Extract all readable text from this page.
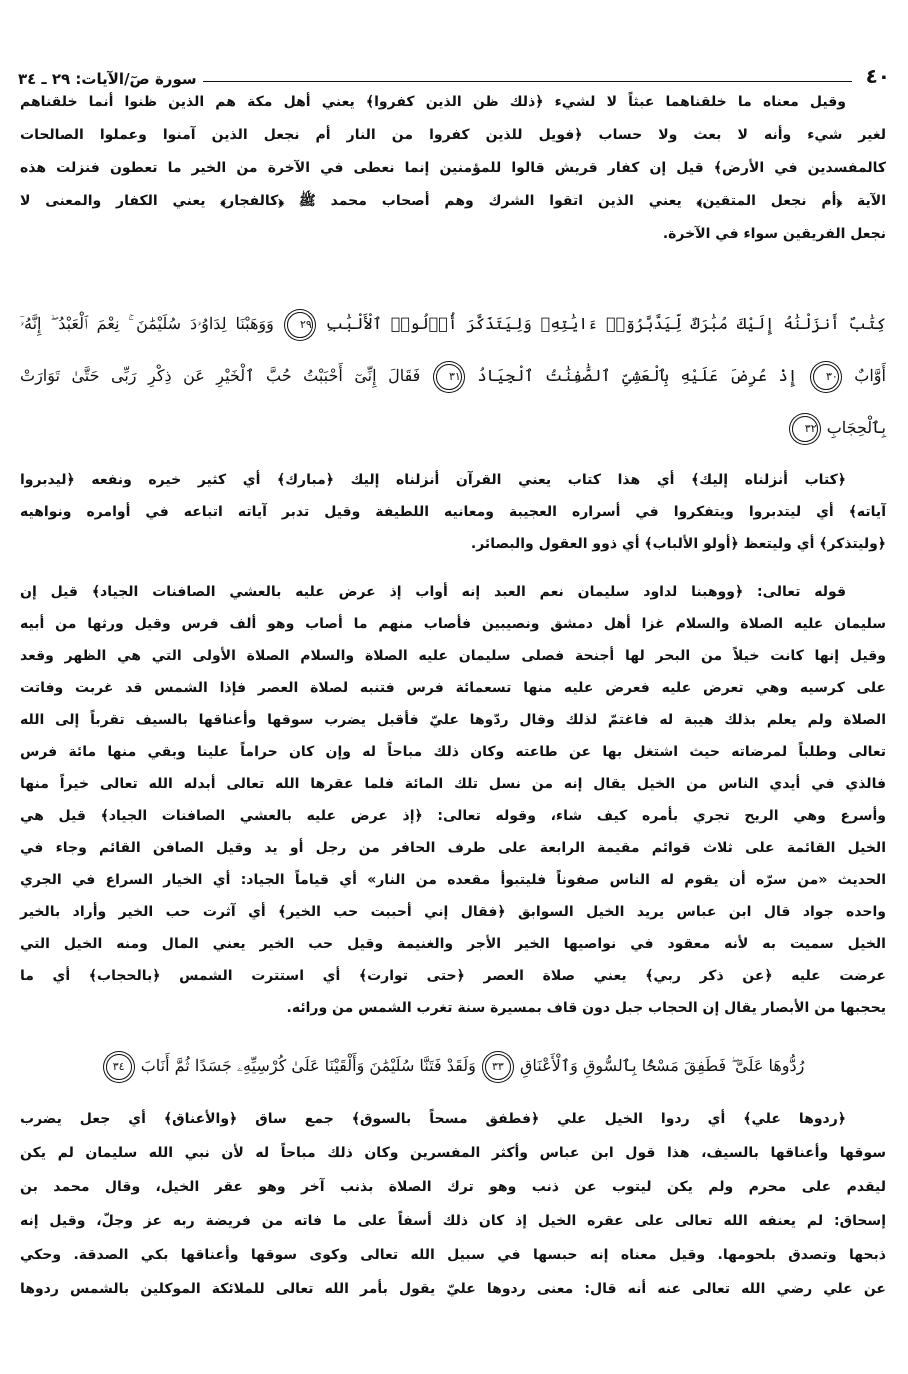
٤٠
سورة صٓ/الآيات: ٢٩ ـ ٣٤
وقيل معناه ما خلقناهما عبثاً لا لشيء ﴿ذلك ظن الذين كفروا﴾ يعني أهل مكة هم الذين ظنوا أنما خلقناهم
لغير شيء وأنه لا بعث ولا حساب ﴿فويل للذين كفروا من النار أم نجعل الذين آمنوا وعملوا الصالحات
كالمفسدين في الأرض﴾ قيل إن كفار قريش قالوا للمؤمنين إنما نعطى في الآخرة من الخير ما تعطون فنزلت هذه
الآية ﴿أم نجعل المتقين﴾ يعني الذين اتقوا الشرك وهم أصحاب محمد ﷺ ﴿كالفجار﴾ يعني الكفار والمعنى لا
نجعل الفريقين سواء في الآخرة.
كِتَٰبٌ أَنزَلْنَٰهُ إِلَيْكَ مُبَٰرَكٌ لِّيَدَّبَّرُوٓا۟ ءَايَٰتِهِۦ وَلِيَتَذَكَّرَ أُو۟لُوا۟ ٱلْأَلْبَٰبِ ٢٩ وَوَهَبْنَا لِدَاوُۥدَ سُلَيْمَٰنَ ۚ نِعْمَ ٱلْعَبْدُ ۖ إِنَّهُۥٓ
أَوَّابٌ ٣٠ إِذْ عُرِضَ عَلَيْهِ بِٱلْعَشِىِّ ٱلصَّٰفِنَٰتُ ٱلْجِيَادُ ٣١ فَقَالَ إِنِّىٓ أَحْبَبْتُ حُبَّ ٱلْخَيْرِ عَن ذِكْرِ رَبِّى حَتَّىٰ تَوَارَتْ
بِٱلْحِجَابِ ٣٢
﴿كتاب أنزلناه إليك﴾ أي هذا كتاب يعني القرآن أنزلناه إليك ﴿مبارك﴾ أي كثير خيره ونفعه ﴿ليدبروا
آياته﴾ أي ليتدبروا ويتفكروا في أسراره العجيبة ومعانيه اللطيفة وقيل تدبر آياته اتباعه في أوامره ونواهيه
﴿وليتذكر﴾ أي وليتعظ ﴿أولو الألباب﴾ أي ذوو العقول والبصائر.
قوله تعالى: ﴿ووهبنا لداود سليمان نعم العبد إنه أواب إذ عرض عليه بالعشي الصافنات الجياد﴾ قيل إن
سليمان عليه الصلاة والسلام غزا أهل دمشق ونصيبين فأصاب منهم ما أصاب وهو ألف فرس وقيل ورثها من أبيه
وقيل إنها كانت خيلاً من البحر لها أجنحة فصلى سليمان عليه الصلاة والسلام الصلاة الأولى التي هي الظهر وقعد
على كرسيه وهي تعرض عليه فعرض عليه منها تسعمائة فرس فتنبه لصلاة العصر فإذا الشمس قد غربت وفاتت
الصلاة ولم يعلم بذلك هيبة له فاغتمّ لذلك وقال ردّوها عليّ فأقبل يضرب سوقها وأعناقها بالسيف تقرباً إلى الله
تعالى وطلباً لمرضاته حيث اشتغل بها عن طاعته وكان ذلك مباحاً له وإن كان حراماً علينا وبقي منها مائة فرس
فالذي في أيدي الناس من الخيل يقال إنه من نسل تلك المائة فلما عقرها الله تعالى أبدله الله تعالى خيراً منها
وأسرع وهي الريح تجري بأمره كيف شاء، وقوله تعالى: ﴿إذ عرض عليه بالعشي الصافنات الجياد﴾ قيل هي
الخيل القائمة على ثلاث قوائم مقيمة الرابعة على طرف الحافر من رجل أو يد وقيل الصافن القائم وجاء في
الحديث «من سرّه أن يقوم له الناس صفوناً فليتبوأ مقعده من النار» أي قياماً الجياد: أي الخيار السراع في الجري
واحده جواد قال ابن عباس يريد الخيل السوابق ﴿فقال إني أحببت حب الخير﴾ أي آثرت حب الخير وأراد بالخير
الخيل سميت به لأنه معقود في نواصيها الخير الأجر والغنيمة وقيل حب الخير يعني المال ومنه الخيل التي
عرضت عليه ﴿عن ذكر ربي﴾ يعني صلاة العصر ﴿حتى توارت﴾ أي استترت الشمس ﴿بالحجاب﴾ أي ما
يحجبها من الأبصار يقال إن الحجاب جبل دون قاف بمسيرة سنة تغرب الشمس من ورائه.
رُدُّوهَا عَلَىَّ ۖ فَطَفِقَ مَسْحًۢا بِٱلسُّوقِ وَٱلْأَعْنَاقِ ٣٣ وَلَقَدْ فَتَنَّا سُلَيْمَٰنَ وَأَلْقَيْنَا عَلَىٰ كُرْسِيِّهِۦ جَسَدًا ثُمَّ أَنَابَ ٣٤
﴿ردوها علي﴾ أي ردوا الخيل علي ﴿فطفق مسحاً بالسوق﴾ جمع ساق ﴿والأعناق﴾ أي جعل يضرب
سوقها وأعناقها بالسيف، هذا قول ابن عباس وأكثر المفسرين وكان ذلك مباحاً له لأن نبي الله سليمان لم يكن
ليقدم على محرم ولم يكن ليتوب عن ذنب وهو ترك الصلاة بذنب آخر وهو عقر الخيل، وقال محمد بن
إسحاق: لم يعنفه الله تعالى على عقره الخيل إذ كان ذلك أسفاً على ما فاته من فريضة ربه عز وجلّ، وقيل إنه
ذبحها وتصدق بلحومها. وقيل معناه إنه حبسها في سبيل الله تعالى وكوى سوقها وأعناقها بكي الصدقة. وحكي
عن علي رضي الله تعالى عنه أنه قال: معنى ردوها عليّ يقول بأمر الله تعالى للملائكة الموكلين بالشمس ردوها
